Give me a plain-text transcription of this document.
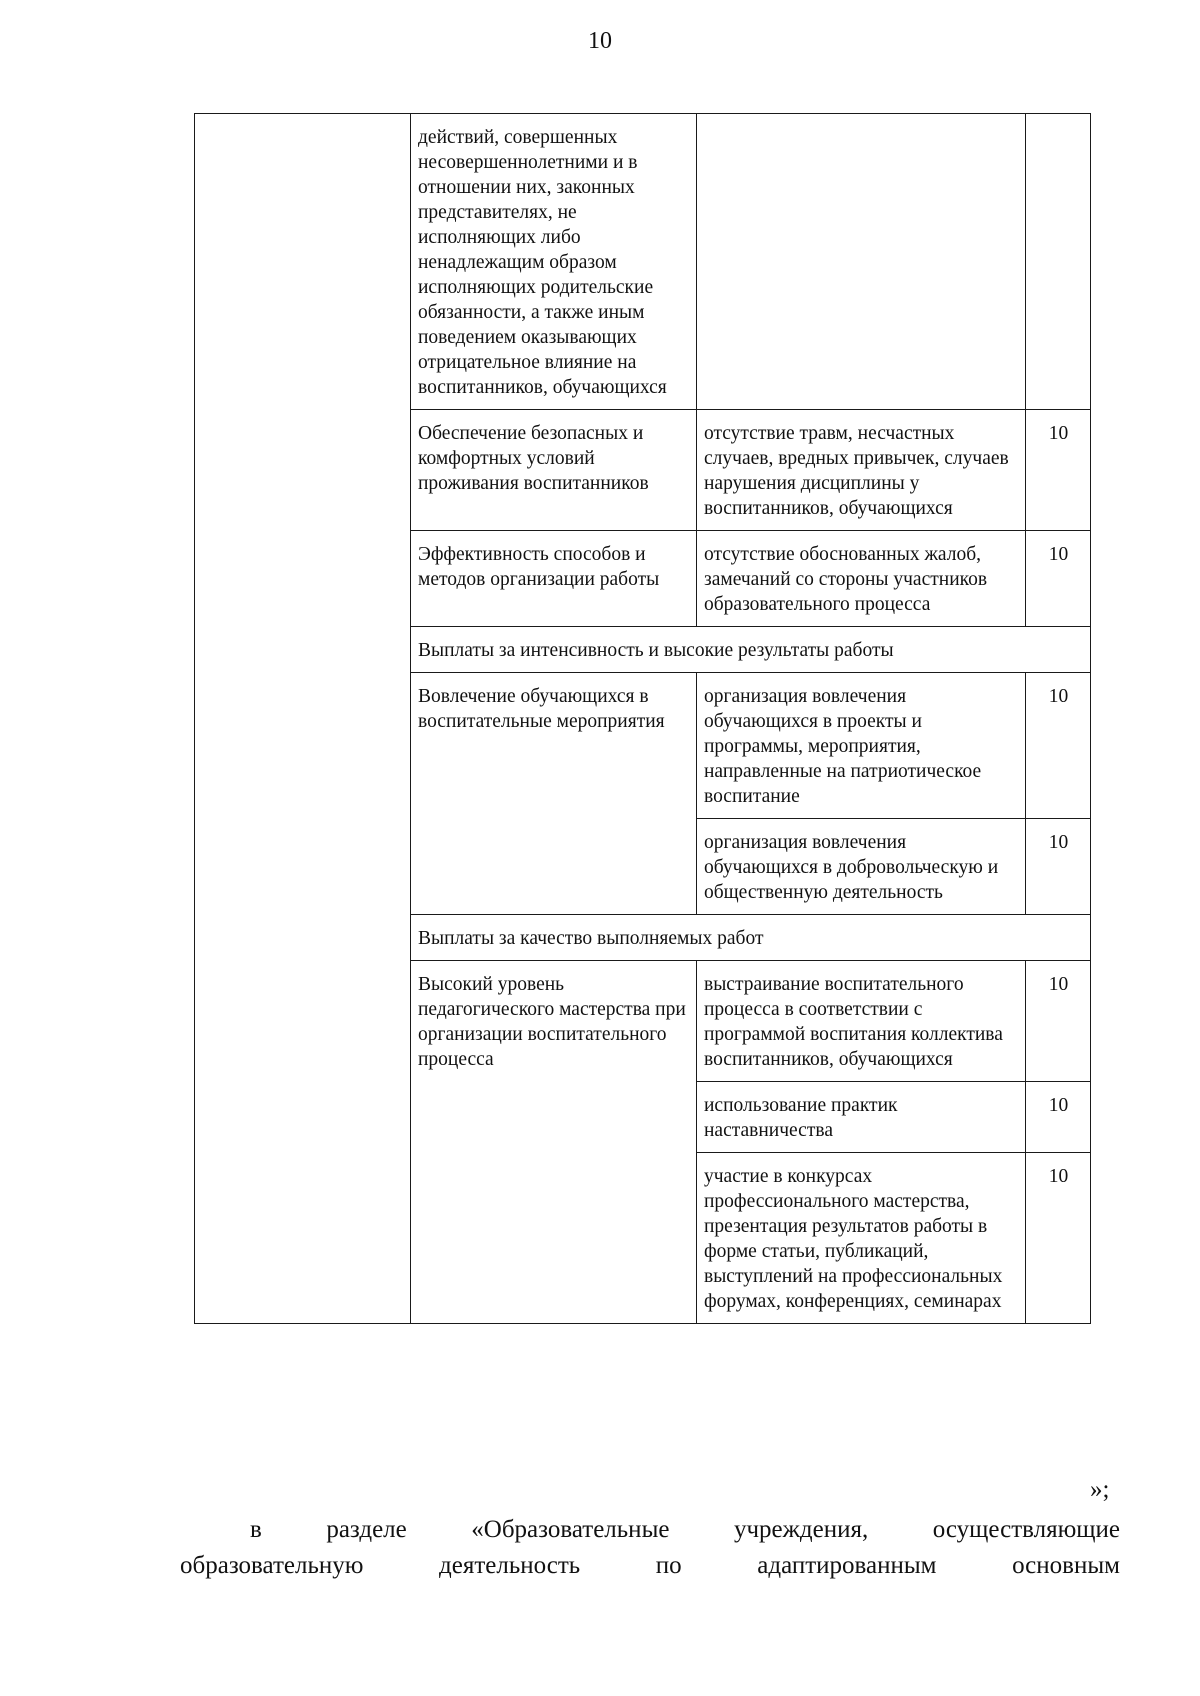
10
	действий, совершенных несовершеннолетними и в отношении них, законных представителях, не исполняющих либо ненадлежащим образом исполняющих родительские обязанности, а также иным поведением оказывающих отрицательное влияние на воспитанников, обучающихся		
	Обеспечение безопасных и комфортных условий проживания воспитанников	отсутствие травм, несчастных случаев, вредных привычек, случаев нарушения дисциплины у воспитанников, обучающихся	10
	Эффективность способов и методов организации работы	отсутствие обоснованных жалоб, замечаний со стороны участников образовательного процесса	10
	Выплаты за интенсивность и высокие результаты работы		
	Вовлечение обучающихся в воспитательные мероприятия	организация вовлечения обучающихся в проекты и программы, мероприятия, направленные на патриотическое воспитание	10
		организация вовлечения обучающихся в добровольческую и общественную деятельность	10
	Выплаты за качество выполняемых работ		
	Высокий уровень педагогического мастерства при организации воспитательного процесса	выстраивание воспитательного процесса в соответствии с программой воспитания коллектива воспитанников, обучающихся	10
		использование практик наставничества	10
		участие в конкурсах профессионального мастерства, презентация результатов работы в форме статьи, публикаций, выступлений на профессиональных форумах, конференциях, семинарах	10
»;
в	разделе	«Образовательные	учреждения,	осуществляющие
образовательную	деятельность	по	адаптированным	основным
